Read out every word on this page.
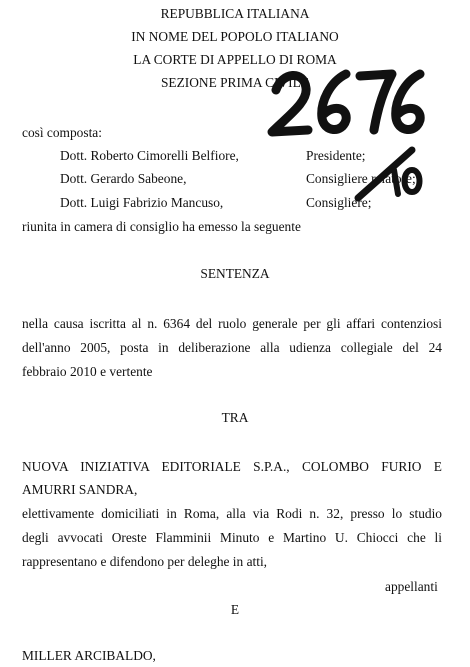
REPUBBLICA ITALIANA
IN NOME DEL POPOLO ITALIANO
LA CORTE DI APPELLO DI ROMA
SEZIONE PRIMA CIVILE
così composta:
Dott. Roberto Cimorelli Belfiore,	Presidente;
Dott. Gerardo Sabeone,	Consigliere relatore;
Dott. Luigi Fabrizio Mancuso,	Consigliere;
riunita in camera di consiglio ha emesso la seguente
SENTENZA
nella causa iscritta al n. 6364 del ruolo generale per gli affari contenziosi
dell'anno 2005, posta in deliberazione alla udienza collegiale del 24
febbraio 2010 e vertente
TRA
NUOVA INIZIATIVA EDITORIALE S.P.A., COLOMBO FURIO E
AMURRI SANDRA,
elettivamente domiciliati in Roma, alla via Rodi n. 32, presso lo studio
degli avvocati Oreste Flamminii Minuto e Martino U. Chiocci che li
rappresentano e difendono per deleghe in atti,
appellanti
E
MILLER ARCIBALDO,
